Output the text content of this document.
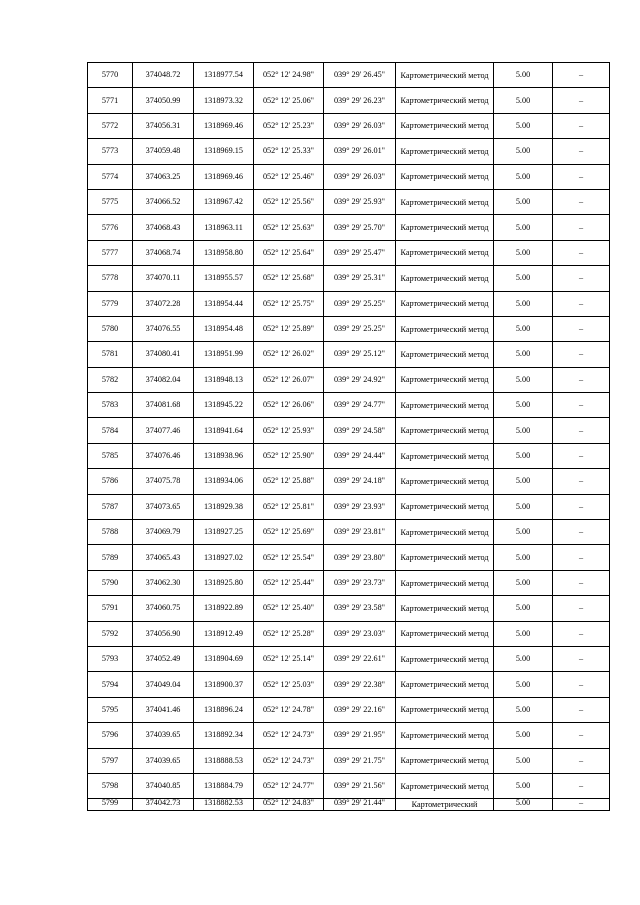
5770	374048.72	1318977.54	052° 12' 24.98"	039° 29' 26.45"	Картометрический метод	5.00	–
5771	374050.99	1318973.32	052° 12' 25.06"	039° 29' 26.23"	Картометрический метод	5.00	–
5772	374056.31	1318969.46	052° 12' 25.23"	039° 29' 26.03"	Картометрический метод	5.00	–
5773	374059.48	1318969.15	052° 12' 25.33"	039° 29' 26.01"	Картометрический метод	5.00	–
5774	374063.25	1318969.46	052° 12' 25.46"	039° 29' 26.03"	Картометрический метод	5.00	–
5775	374066.52	1318967.42	052° 12' 25.56"	039° 29' 25.93"	Картометрический метод	5.00	–
5776	374068.43	1318963.11	052° 12' 25.63"	039° 29' 25.70"	Картометрический метод	5.00	–
5777	374068.74	1318958.80	052° 12' 25.64"	039° 29' 25.47"	Картометрический метод	5.00	–
5778	374070.11	1318955.57	052° 12' 25.68"	039° 29' 25.31"	Картометрический метод	5.00	–
5779	374072.28	1318954.44	052° 12' 25.75"	039° 29' 25.25"	Картометрический метод	5.00	–
5780	374076.55	1318954.48	052° 12' 25.89"	039° 29' 25.25"	Картометрический метод	5.00	–
5781	374080.41	1318951.99	052° 12' 26.02"	039° 29' 25.12"	Картометрический метод	5.00	–
5782	374082.04	1318948.13	052° 12' 26.07"	039° 29' 24.92"	Картометрический метод	5.00	–
5783	374081.68	1318945.22	052° 12' 26.06"	039° 29' 24.77"	Картометрический метод	5.00	–
5784	374077.46	1318941.64	052° 12' 25.93"	039° 29' 24.58"	Картометрический метод	5.00	–
5785	374076.46	1318938.96	052° 12' 25.90"	039° 29' 24.44"	Картометрический метод	5.00	–
5786	374075.78	1318934.06	052° 12' 25.88"	039° 29' 24.18"	Картометрический метод	5.00	–
5787	374073.65	1318929.38	052° 12' 25.81"	039° 29' 23.93"	Картометрический метод	5.00	–
5788	374069.79	1318927.25	052° 12' 25.69"	039° 29' 23.81"	Картометрический метод	5.00	–
5789	374065.43	1318927.02	052° 12' 25.54"	039° 29' 23.80"	Картометрический метод	5.00	–
5790	374062.30	1318925.80	052° 12' 25.44"	039° 29' 23.73"	Картометрический метод	5.00	–
5791	374060.75	1318922.89	052° 12' 25.40"	039° 29' 23.58"	Картометрический метод	5.00	–
5792	374056.90	1318912.49	052° 12' 25.28"	039° 29' 23.03"	Картометрический метод	5.00	–
5793	374052.49	1318904.69	052° 12' 25.14"	039° 29' 22.61"	Картометрический метод	5.00	–
5794	374049.04	1318900.37	052° 12' 25.03"	039° 29' 22.38"	Картометрический метод	5.00	–
5795	374041.46	1318896.24	052° 12' 24.78"	039° 29' 22.16"	Картометрический метод	5.00	–
5796	374039.65	1318892.34	052° 12' 24.73"	039° 29' 21.95"	Картометрический метод	5.00	–
5797	374039.65	1318888.53	052° 12' 24.73"	039° 29' 21.75"	Картометрический метод	5.00	–
5798	374040.85	1318884.79	052° 12' 24.77"	039° 29' 21.56"	Картометрический метод	5.00	–
5799	374042.73	1318882.53	052° 12' 24.83"	039° 29' 21.44"	Картометрический	5.00	–
